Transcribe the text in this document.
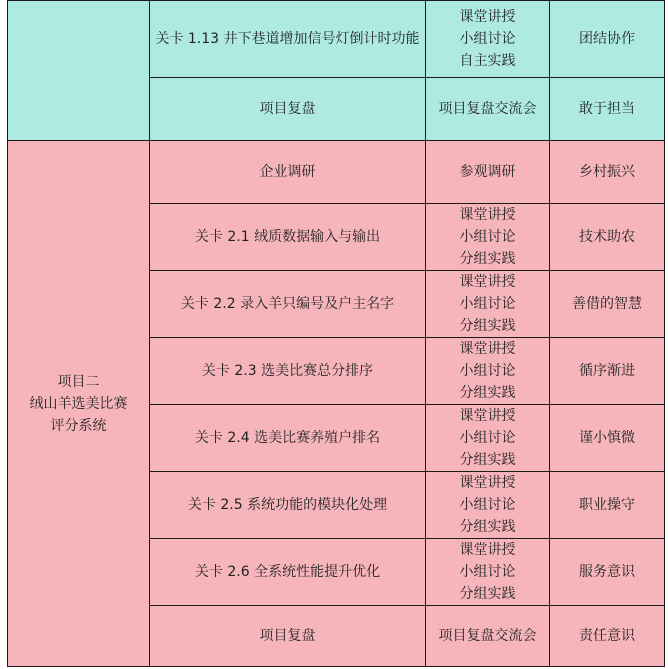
	关卡 1.13 井下巷道增加信号灯倒计时功能	课堂讲授
小组讨论
自主实践	团结协作
	项目复盘	项目复盘交流会	敢于担当

项目二
绒山羊选美比赛
评分系统	企业调研	参观调研	乡村振兴
	关卡 2.1 绒质数据输入与输出	课堂讲授
小组讨论
分组实践	技术助农
	关卡 2.2 录入羊只编号及户主名字	课堂讲授
小组讨论
分组实践	善借的智慧
	关卡 2.3 选美比赛总分排序	课堂讲授
小组讨论
分组实践	循序渐进
	关卡 2.4 选美比赛养殖户排名	课堂讲授
小组讨论
分组实践	谨小慎微
	关卡 2.5 系统功能的模块化处理	课堂讲授
小组讨论
分组实践	职业操守
	关卡 2.6 全系统性能提升优化	课堂讲授
小组讨论
分组实践	服务意识
	项目复盘	项目复盘交流会	责任意识
